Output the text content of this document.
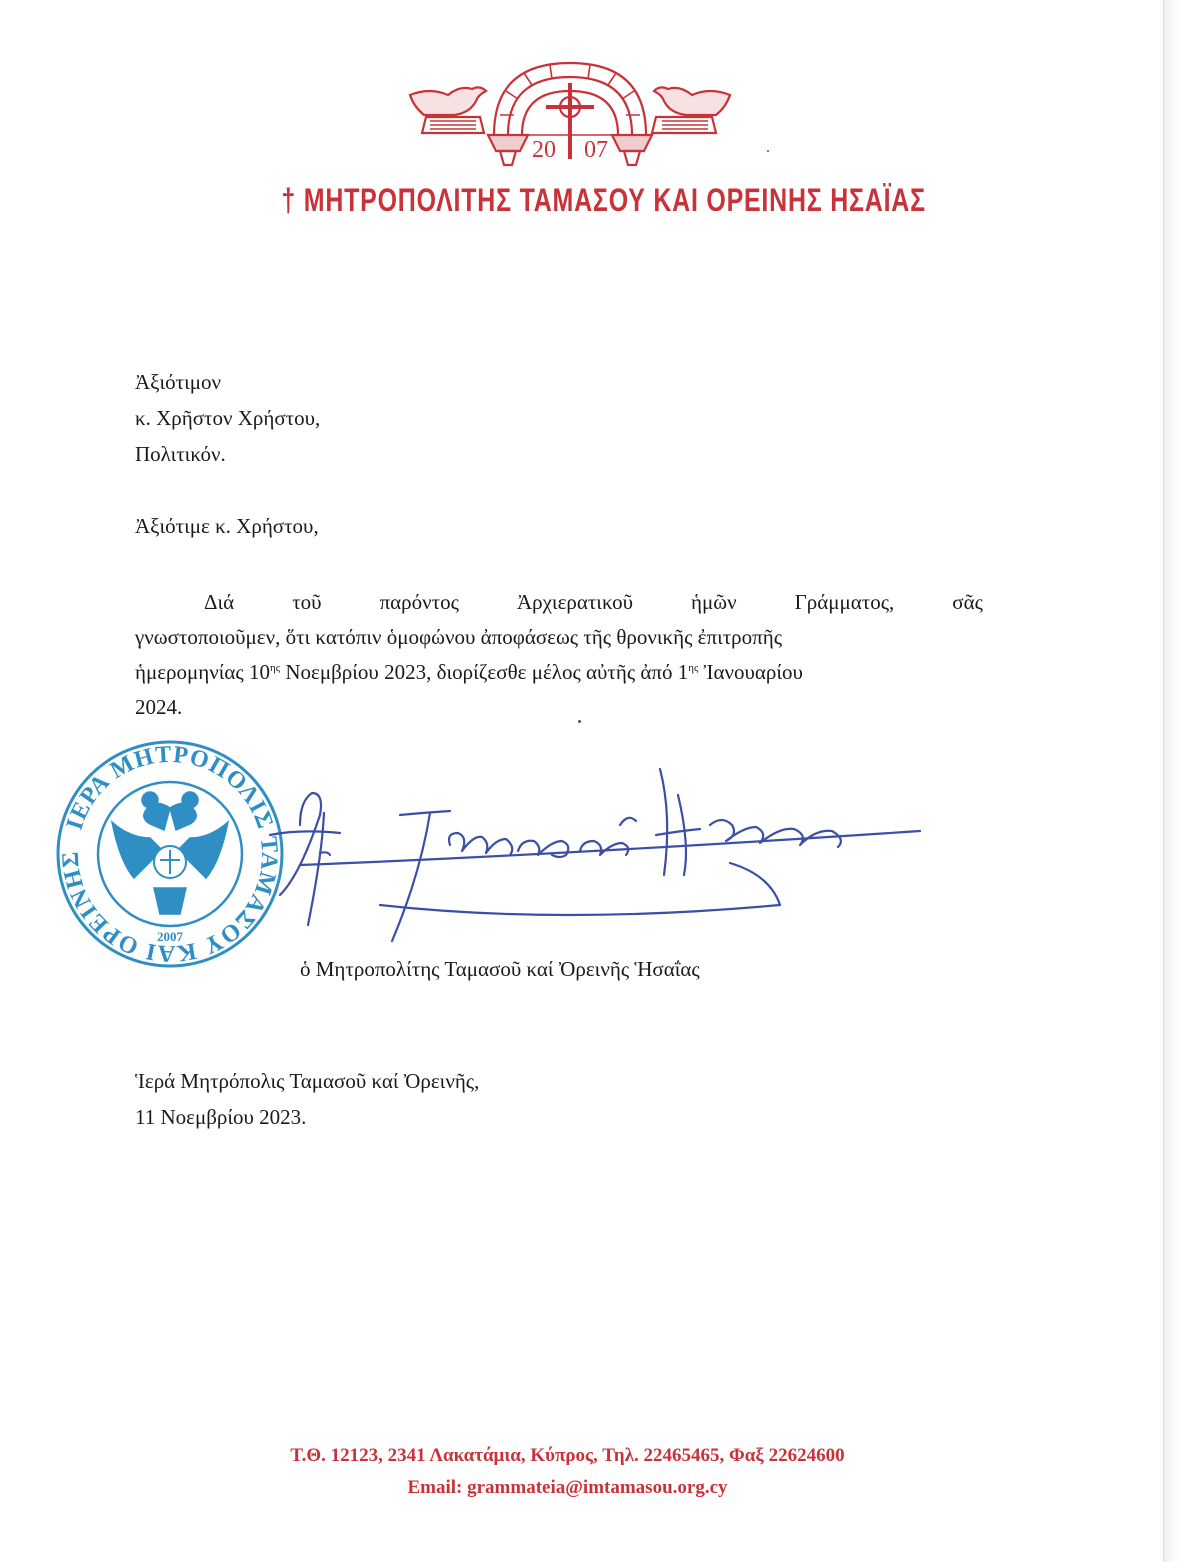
20 07
† ΜΗΤΡΟΠΟΛΙΤΗΣ ΤΑΜΑΣΟΥ ΚΑΙ ΟΡΕΙΝΗΣ ΗΣΑΪΑΣ
Ἀξιότιμον
κ. Χρῆστον Χρήστου,
Πολιτικόν.
Ἀξιότιμε κ. Χρήστου,
Διά	τοῦ	παρόντος	Ἀρχιερατικοῦ	ἡμῶν	Γράμματος,	σᾶς
γνωστοποιοῦμεν, ὅτι κατόπιν ὁμοφώνου ἀποφάσεως τῆς θρονικῆς ἐπιτροπῆς
ἡμερομηνίας $10^{\eta\varsigma}$ Νοεμβρίου 2023, διορίζεσθε μέλος αὐτῆς ἀπό $1^{\eta\varsigma}$ Ἰανουαρίου
2024.
ΙΕΡΑ ΜΗΤΡΟΠΟΛΙΣ ΤΑΜΑΣΟΥ ΚΑΙ ΟΡΕΙΝΗΣ
2007
ὁ Μητροπολίτης Ταμασοῦ καί Ὀρεινῆς Ἡσαΐας
Ἱερά Μητρόπολις Ταμασοῦ καί Ὀρεινῆς,
11 Νοεμβρίου 2023.
Τ.Θ. 12123, 2341 Λακατάμια, Κύπρος, Τηλ. 22465465, Φαξ 22624600
Email: grammateia@imtamasou.org.cy
